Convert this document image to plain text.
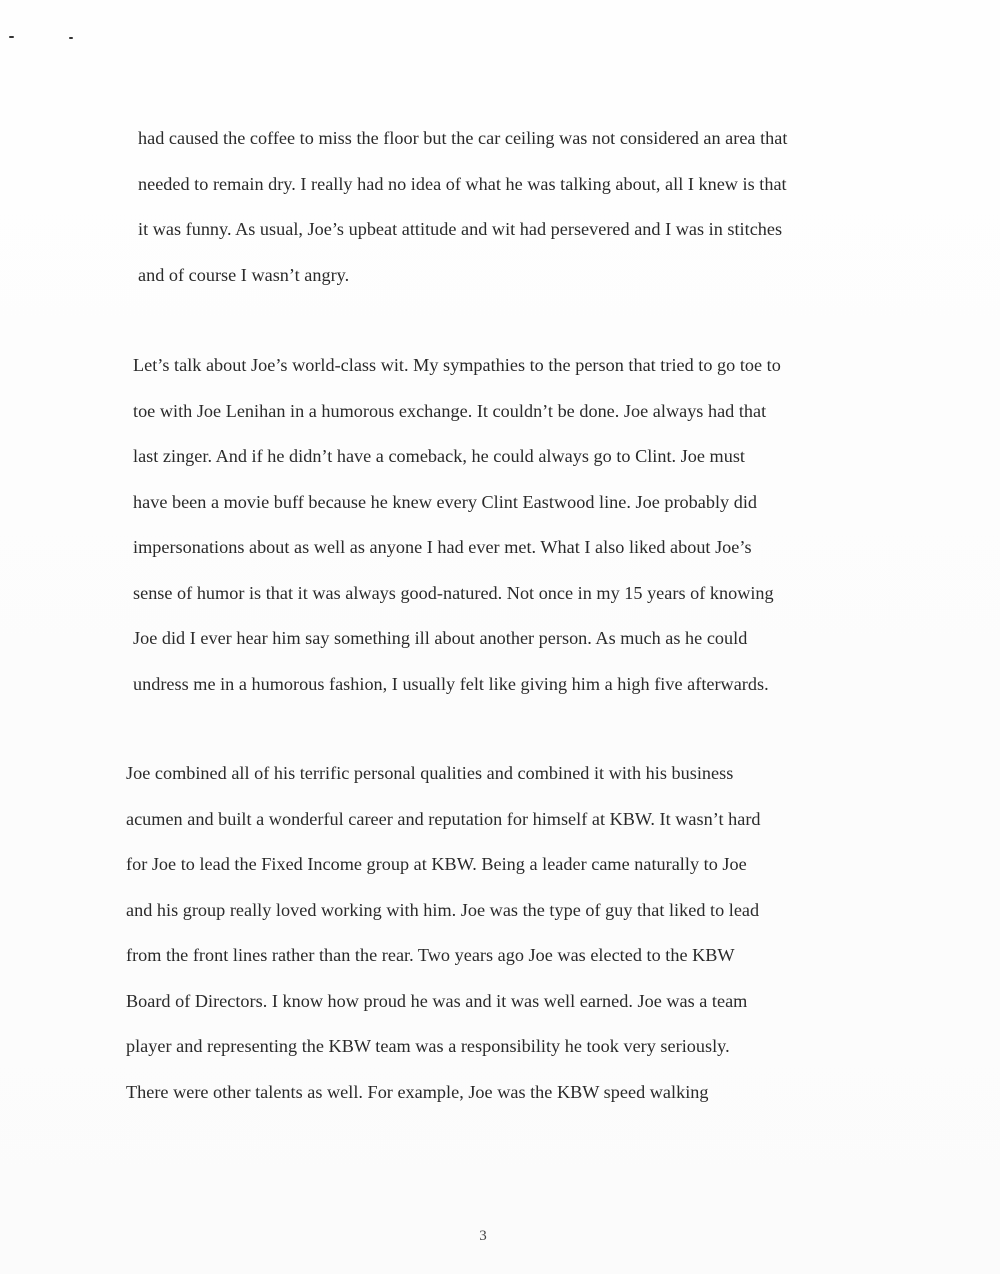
had caused the coffee to miss the floor but the car ceiling was not considered an area that
needed to remain dry. I really had no idea of what he was talking about, all I knew is that
it was funny. As usual, Joe’s upbeat attitude and wit had persevered and I was in stitches
and of course I wasn’t angry.

Let’s talk about Joe’s world-class wit. My sympathies to the person that tried to go toe to
toe with Joe Lenihan in a humorous exchange. It couldn’t be done. Joe always had that
last zinger. And if he didn’t have a comeback, he could always go to Clint. Joe must
have been a movie buff because he knew every Clint Eastwood line. Joe probably did
impersonations about as well as anyone I had ever met. What I also liked about Joe’s
sense of humor is that it was always good-natured. Not once in my 15 years of knowing
Joe did I ever hear him say something ill about another person. As much as he could
undress me in a humorous fashion, I usually felt like giving him a high five afterwards.

Joe combined all of his terrific personal qualities and combined it with his business
acumen and built a wonderful career and reputation for himself at KBW. It wasn’t hard
for Joe to lead the Fixed Income group at KBW. Being a leader came naturally to Joe
and his group really loved working with him. Joe was the type of guy that liked to lead
from the front lines rather than the rear. Two years ago Joe was elected to the KBW
Board of Directors. I know how proud he was and it was well earned. Joe was a team
player and representing the KBW team was a responsibility he took very seriously.
There were other talents as well. For example, Joe was the KBW speed walking

3
